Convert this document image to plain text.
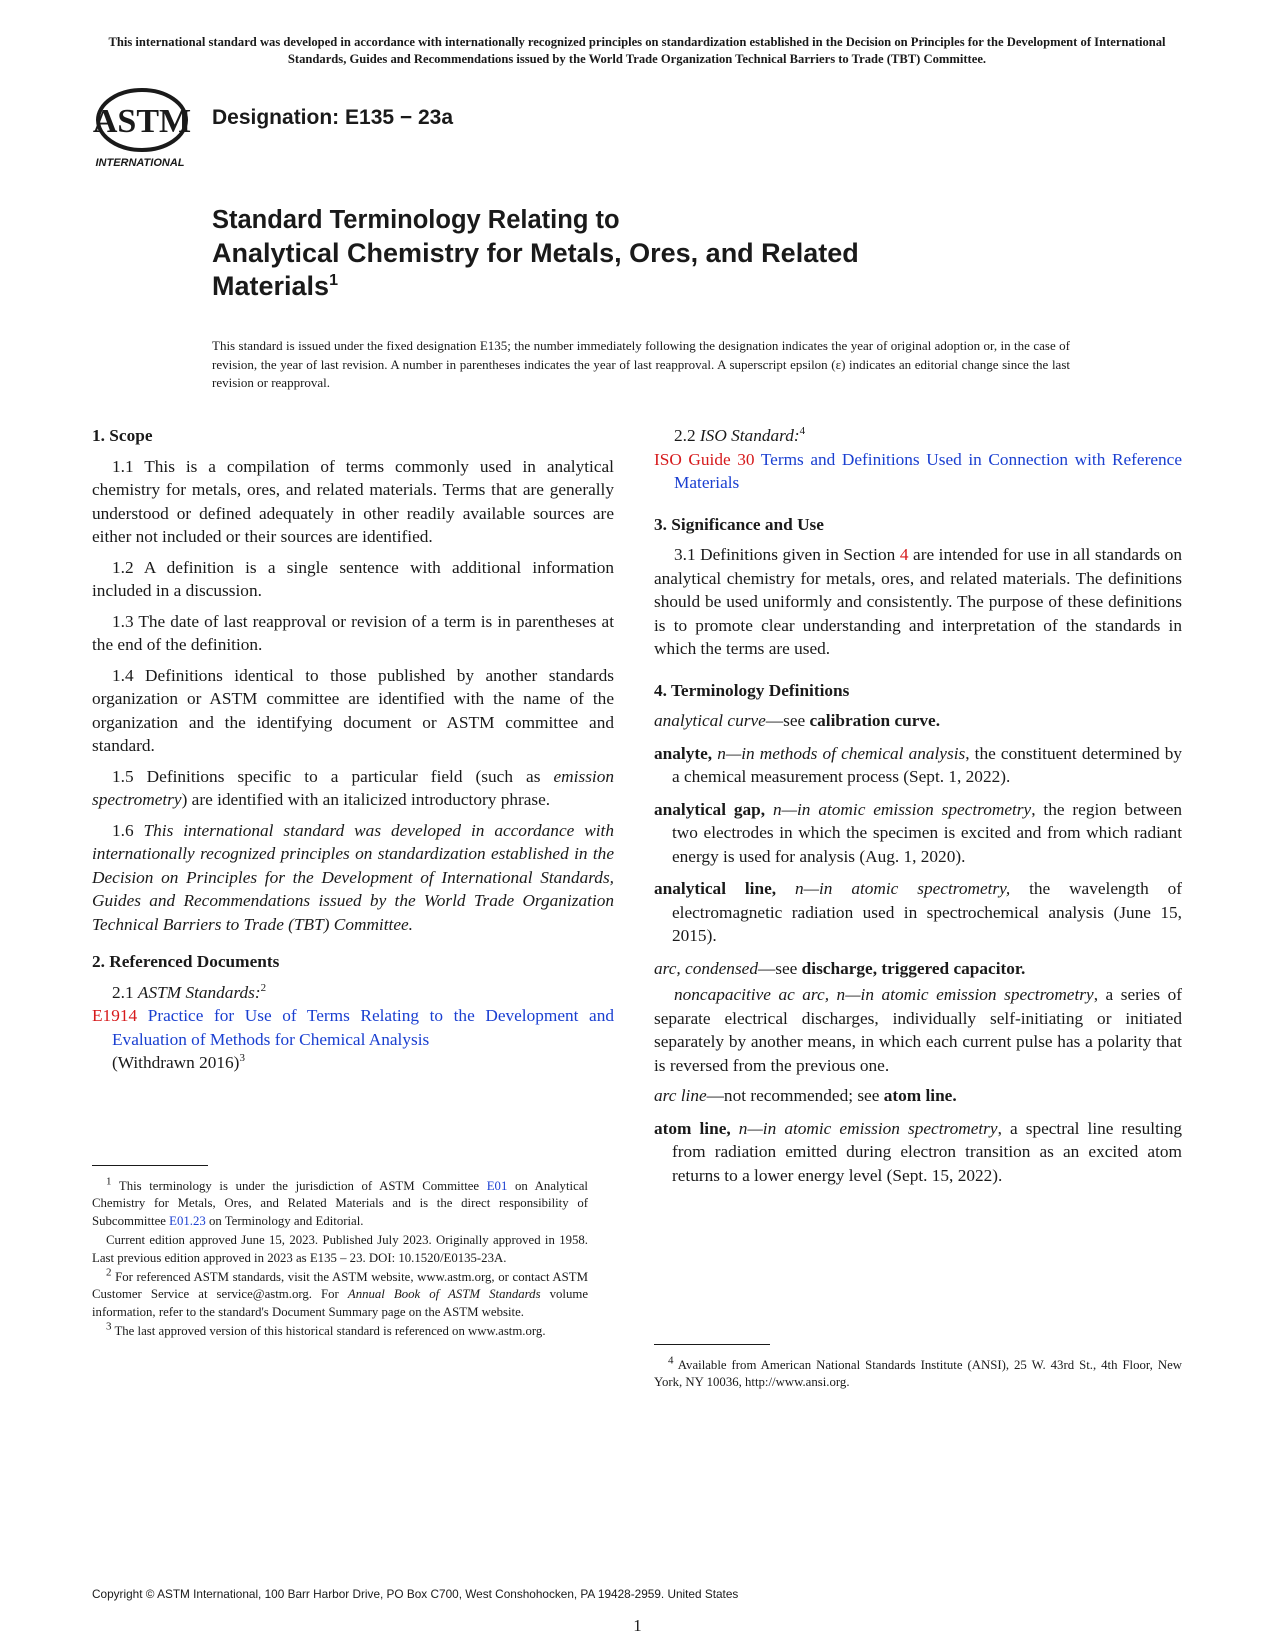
This international standard was developed in accordance with internationally recognized principles on standardization established in the Decision on Principles for the Development of International Standards, Guides and Recommendations issued by the World Trade Organization Technical Barriers to Trade (TBT) Committee.
ASTM
INTERNATIONAL
Designation: E135 − 23a
Standard Terminology Relating to
Analytical Chemistry for Metals, Ores, and Related Materials$^1$
This standard is issued under the fixed designation E135; the number immediately following the designation indicates the year of original adoption or, in the case of revision, the year of last revision. A number in parentheses indicates the year of last reapproval. A superscript epsilon (ε) indicates an editorial change since the last revision or reapproval.
1. Scope
1.1 This is a compilation of terms commonly used in analytical chemistry for metals, ores, and related materials. Terms that are generally understood or defined adequately in other readily available sources are either not included or their sources are identified.
1.2 A definition is a single sentence with additional information included in a discussion.
1.3 The date of last reapproval or revision of a term is in parentheses at the end of the definition.
1.4 Definitions identical to those published by another standards organization or ASTM committee are identified with the name of the organization and the identifying document or ASTM committee and standard.
1.5 Definitions specific to a particular field (such as emission spectrometry) are identified with an italicized introductory phrase.
1.6 This international standard was developed in accordance with internationally recognized principles on standardization established in the Decision on Principles for the Development of International Standards, Guides and Recommendations issued by the World Trade Organization Technical Barriers to Trade (TBT) Committee.
2. Referenced Documents
2.1 ASTM Standards:$^2$
E1914 Practice for Use of Terms Relating to the Development and Evaluation of Methods for Chemical Analysis
(Withdrawn 2016)$^3$

$^1$ This terminology is under the jurisdiction of ASTM Committee E01 on Analytical Chemistry for Metals, Ores, and Related Materials and is the direct responsibility of Subcommittee E01.23 on Terminology and Editorial.

Current edition approved June 15, 2023. Published July 2023. Originally approved in 1958. Last previous edition approved in 2023 as E135 – 23. DOI: 10.1520/E0135-23A.

$^2$ For referenced ASTM standards, visit the ASTM website, www.astm.org, or contact ASTM Customer Service at service@astm.org. For Annual Book of ASTM Standards volume information, refer to the standard's Document Summary page on the ASTM website.

$^3$ The last approved version of this historical standard is referenced on www.astm.org.

2.2 ISO Standard:$^4$
ISO Guide 30 Terms and Definitions Used in Connection with Reference Materials
3. Significance and Use
3.1 Definitions given in Section 4 are intended for use in all standards on analytical chemistry for metals, ores, and related materials. The definitions should be used uniformly and consistently. The purpose of these definitions is to promote clear understanding and interpretation of the standards in which the terms are used.
4. Terminology Definitions
analytical curve—see calibration curve.
analyte, n—in methods of chemical analysis, the constituent determined by a chemical measurement process (Sept. 1, 2022).
analytical gap, n—in atomic emission spectrometry, the region between two electrodes in which the specimen is excited and from which radiant energy is used for analysis (Aug. 1, 2020).
analytical line, n—in atomic spectrometry, the wavelength of electromagnetic radiation used in spectrochemical analysis (June 15, 2015).
arc, condensed—see discharge, triggered capacitor.
noncapacitive ac arc, n—in atomic emission spectrometry, a series of separate electrical discharges, individually self-initiating or initiated separately by another means, in which each current pulse has a polarity that is reversed from the previous one.
arc line—not recommended; see atom line.
atom line, n—in atomic emission spectrometry, a spectral line resulting from radiation emitted during electron transition as an excited atom returns to a lower energy level (Sept. 15, 2022).

$^4$ Available from American National Standards Institute (ANSI), 25 W. 43rd St., 4th Floor, New York, NY 10036, http://www.ansi.org.

Copyright © ASTM International, 100 Barr Harbor Drive, PO Box C700, West Conshohocken, PA 19428-2959. United States
1
